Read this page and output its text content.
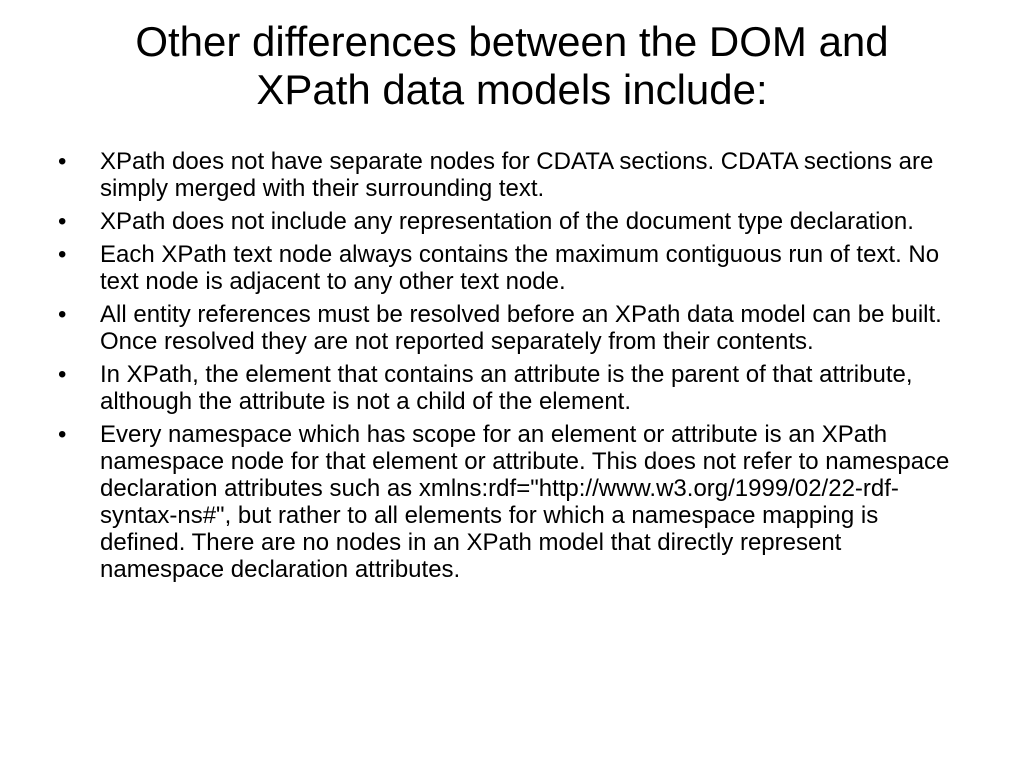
Other differences between the DOM and
XPath data models include:
• XPath does not have separate nodes for CDATA sections. CDATA sections are simply merged with their surrounding text.
• XPath does not include any representation of the document type declaration.
• Each XPath text node always contains the maximum contiguous run of text. No text node is adjacent to any other text node.
• All entity references must be resolved before an XPath data model can be built. Once resolved they are not reported separately from their contents.
• In XPath, the element that contains an attribute is the parent of that attribute, although the attribute is not a child of the element.
• Every namespace which has scope for an element or attribute is an XPath namespace node for that element or attribute. This does not refer to namespace declaration attributes such as xmlns:rdf="http://www.w3.org/1999/02/22-rdf-syntax-ns#", but rather to all elements for which a namespace mapping is defined. There are no nodes in an XPath model that directly represent namespace declaration attributes.
